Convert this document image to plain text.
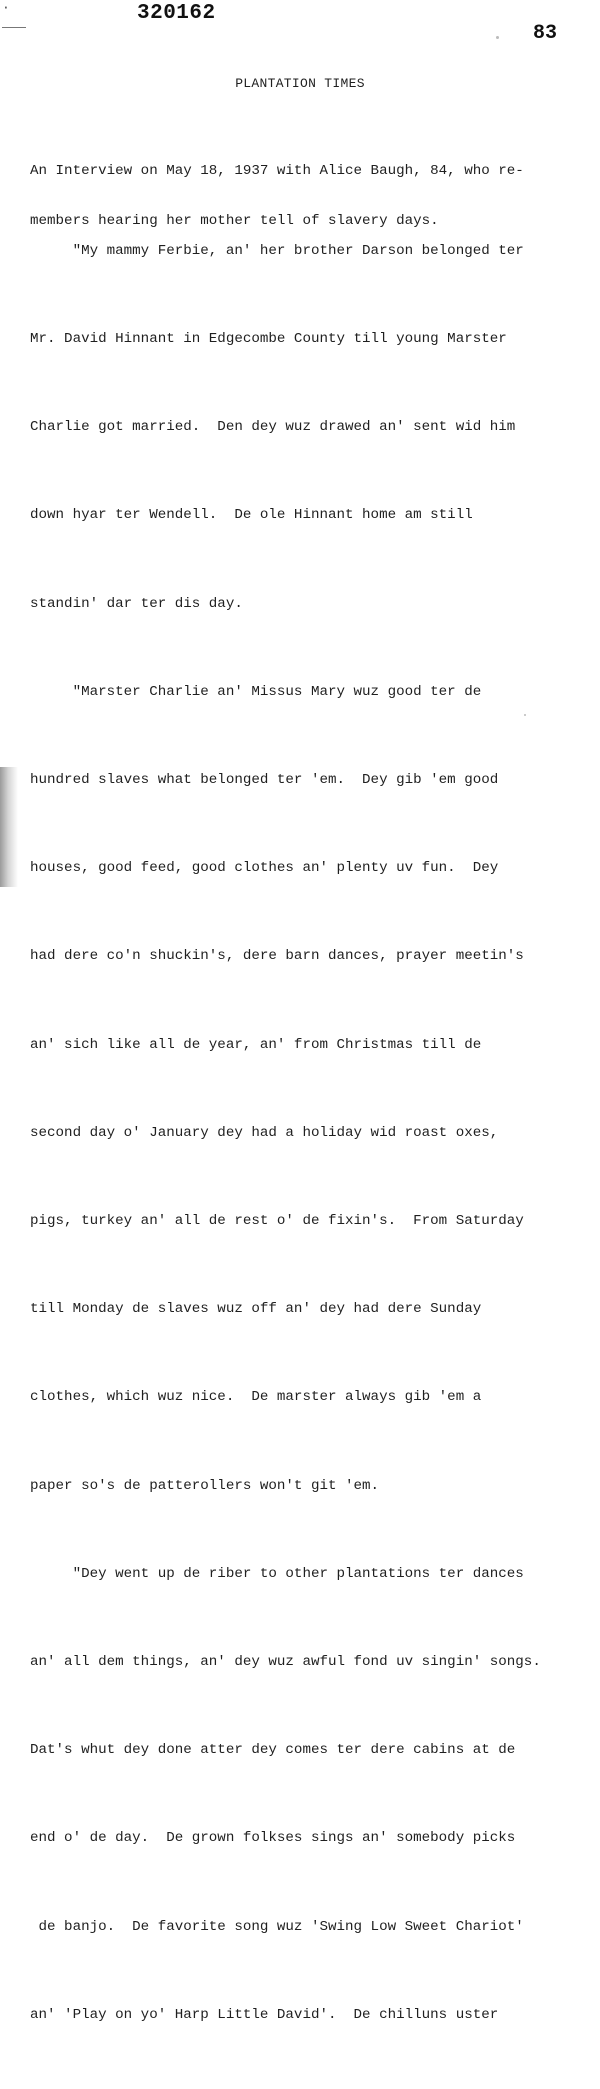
·	320162
83
PLANTATION TIMES

An Interview on May 18, 1937 with Alice Baugh, 84, who re-

members hearing her mother tell of slavery days.

"My mammy Ferbie, an' her brother Darson belonged ter

Mr. David Hinnant in Edgecombe County till young Marster

Charlie got married.  Den dey wuz drawed an' sent wid him

down hyar ter Wendell.  De ole Hinnant home am still

standin' dar ter dis day.

"Marster Charlie an' Missus Mary wuz good ter de

hundred slaves what belonged ter 'em.  Dey gib 'em good

houses, good feed, good clothes an' plenty uv fun.  Dey

had dere co'n shuckin's, dere barn dances, prayer meetin's

an' sich like all de year, an' from Christmas till de

second day o' January dey had a holiday wid roast oxes,

pigs, turkey an' all de rest o' de fixin's.  From Saturday

till Monday de slaves wuz off an' dey had dere Sunday

clothes, which wuz nice.  De marster always gib 'em a

paper so's de patterollers won't git 'em.

"Dey went up de riber to other plantations ter dances

an' all dem things, an' dey wuz awful fond uv singin' songs.

Dat's whut dey done atter dey comes ter dere cabins at de

end o' de day.  De grown folkses sings an' somebody picks

de banjo.  De favorite song wuz 'Swing Low Sweet Chariot'

an' 'Play on yo' Harp Little David'.  De chilluns uster
